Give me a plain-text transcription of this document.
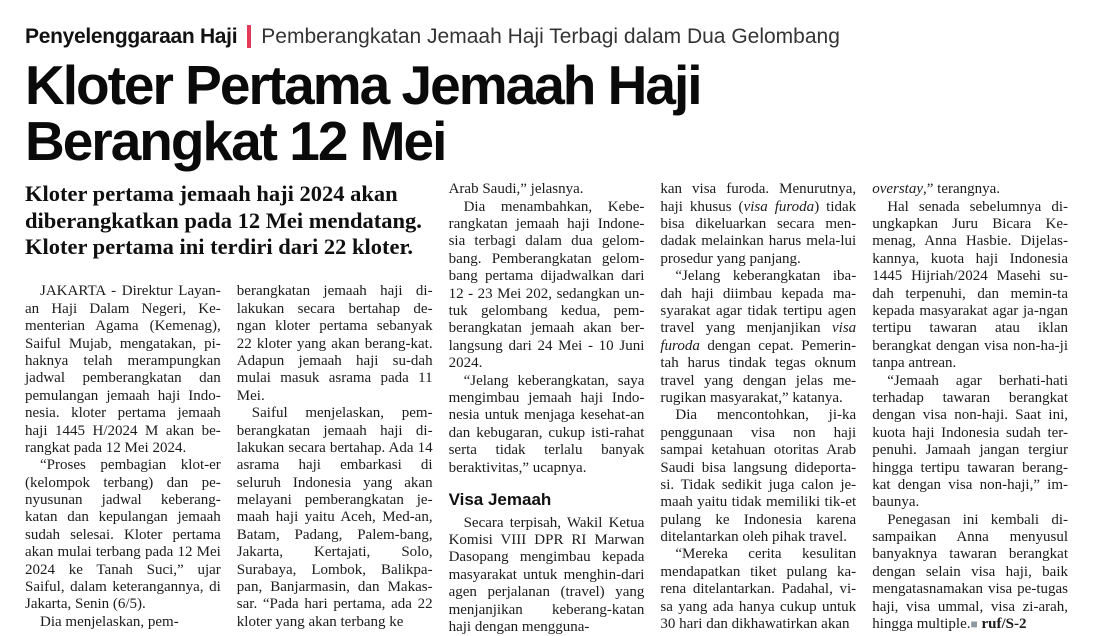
Penyelenggaraan Haji Pemberangkatan Jemaah Haji Terbagi dalam Dua Gelombang
Kloter Pertama Jemaah Haji Berangkat 12 Mei
Kloter pertama jemaah haji 2024 akan diberangkatkan pada 12 Mei mendatang. Kloter pertama ini terdiri dari 22 kloter.

JAKARTA - Direktur Layan-an Haji Dalam Negeri, Ke-menterian Agama (Kemenag), Saiful Mujab, mengatakan, pi-haknya telah merampungkan jadwal pemberangkatan dan pemulangan jemaah haji Indo-nesia. kloter pertama jemaah haji 1445 H/2024 M akan be-rangkat pada 12 Mei 2024.

“Proses pembagian klot-er (kelompok terbang) dan pe-nyusunan jadwal keberang-katan dan kepulangan jemaah sudah selesai. Kloter pertama akan mulai terbang pada 12 Mei 2024 ke Tanah Suci,” ujar Saiful, dalam keterangannya, di Jakarta, Senin (6/5).

Dia menjelaskan, pem-

berangkatan jemaah haji di-lakukan secara bertahap de-ngan kloter pertama sebanyak 22 kloter yang akan berang-kat. Adapun jemaah haji su-dah mulai masuk asrama pada 11 Mei.

Saiful menjelaskan, pem-berangkatan jemaah haji di-lakukan secara bertahap. Ada 14 asrama haji embarkasi di seluruh Indonesia yang akan melayani pemberangkatan je-maah haji yaitu Aceh, Med-an, Batam, Padang, Palem-bang, Jakarta, Kertajati, Solo, Surabaya, Lombok, Balikpa-pan, Banjarmasin, dan Makas-sar. “Pada hari pertama, ada 22 kloter yang akan terbang ke

Arab Saudi,” jelasnya.

Dia menambahkan, Kebe-rangkatan jemaah haji Indone-sia terbagi dalam dua gelom-bang. Pemberangkatan gelom-bang pertama dijadwalkan dari 12 - 23 Mei 202, sedangkan un-tuk gelombang kedua, pem-berangkatan jemaah akan ber-langsung dari 24 Mei - 10 Juni 2024.

“Jelang keberangkatan, saya mengimbau jemaah haji Indo-nesia untuk menjaga kesehat-an dan kebugaran, cukup isti-rahat serta tidak terlalu banyak beraktivitas,” ucapnya.

Visa Jemaah

Secara terpisah, Wakil Ketua Komisi VIII DPR RI Marwan Dasopang mengimbau kepada masyarakat untuk menghin-dari agen perjalanan (travel) yang menjanjikan keberang-katan haji dengan mengguna-

kan visa furoda. Menurutnya, haji khusus (visa furoda) tidak bisa dikeluarkan secara men-dadak melainkan harus mela-lui prosedur yang panjang.

“Jelang keberangkatan iba-dah haji diimbau kepada ma-syarakat agar tidak tertipu agen travel yang menjanjikan visa furoda dengan cepat. Pemerin-tah harus tindak tegas oknum travel yang dengan jelas me-rugikan masyarakat,” katanya.

Dia mencontohkan, ji-ka penggunaan visa non haji sampai ketahuan otoritas Arab Saudi bisa langsung dideporta-si. Tidak sedikit juga calon je-maah yaitu tidak memiliki tik-et pulang ke Indonesia karena ditelantarkan oleh pihak travel.

“Mereka cerita kesulitan mendapatkan tiket pulang ka-rena ditelantarkan. Padahal, vi-sa yang ada hanya cukup untuk 30 hari dan dikhawatirkan akan

overstay,” terangnya.

Hal senada sebelumnya di-ungkapkan Juru Bicara Ke-menag, Anna Hasbie. Dijelas-kannya, kuota haji Indonesia 1445 Hijriah/2024 Masehi su-dah terpenuhi, dan memin-ta kepada masyarakat agar ja-ngan tertipu tawaran atau iklan berangkat dengan visa non-ha-ji tanpa antrean.

“Jemaah agar berhati-hati terhadap tawaran berangkat dengan visa non-haji. Saat ini, kuota haji Indonesia sudah ter-penuhi. Jamaah jangan tergiur hingga tertipu tawaran berang-kat dengan visa non-haji,” im-baunya.

Penegasan ini kembali di-sampaikan Anna menyusul banyaknya tawaran berangkat dengan selain visa haji, baik mengatasnamakan visa pe-tugas haji, visa ummal, visa zi-arah, hingga multiple.■ ruf/S-2
